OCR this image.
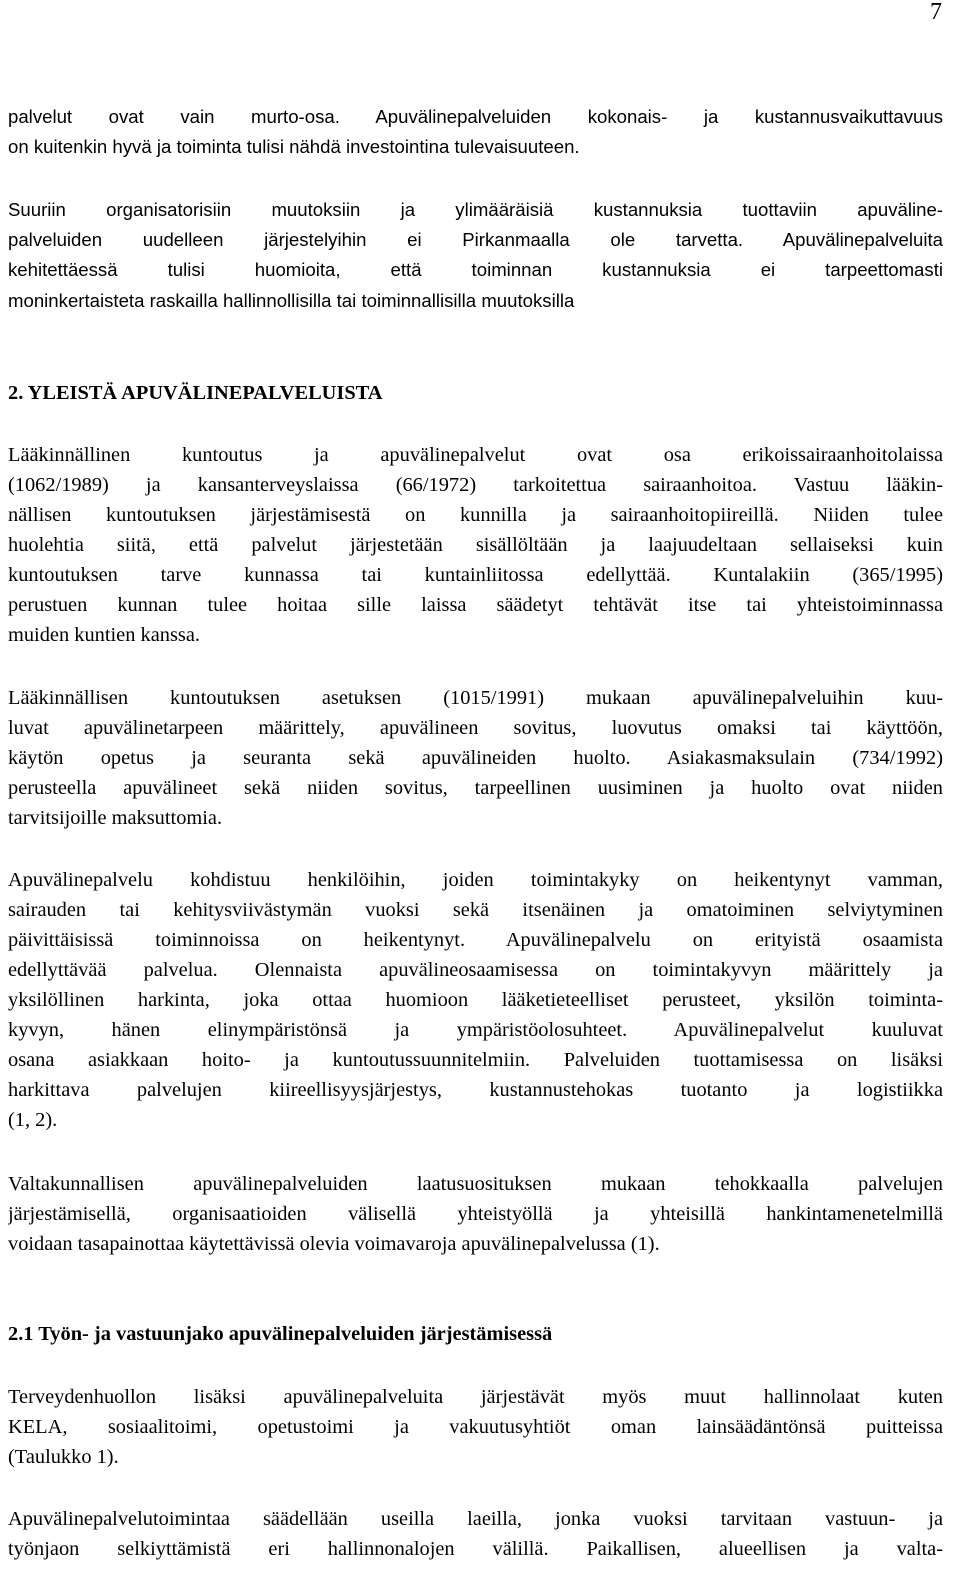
7
palvelut ovat vain murto-osa. Apuvälinepalveluiden kokonais- ja kustannusvaikuttavuus
on kuitenkin hyvä ja toiminta tulisi nähdä investointina tulevaisuuteen.
Suuriin organisatorisiin muutoksiin ja ylimääräisiä kustannuksia tuottaviin apuväline-
palveluiden uudelleen järjestelyihin ei Pirkanmaalla ole tarvetta. Apuvälinepalveluita
kehitettäessä tulisi huomioita, että toiminnan kustannuksia ei tarpeettomasti
moninkertaisteta raskailla hallinnollisilla tai toiminnallisilla muutoksilla
2. YLEISTÄ APUVÄLINEPALVELUISTA
Lääkinnällinen kuntoutus ja apuvälinepalvelut ovat osa erikoissairaanhoitolaissa
(1062/1989) ja kansanterveyslaissa (66/1972) tarkoitettua sairaanhoitoa. Vastuu lääkin-
nällisen kuntoutuksen järjestämisestä on kunnilla ja sairaanhoitopiireillä. Niiden tulee
huolehtia siitä, että palvelut järjestetään sisällöltään ja laajuudeltaan sellaiseksi kuin
kuntoutuksen tarve kunnassa tai kuntainliitossa edellyttää. Kuntalakiin (365/1995)
perustuen kunnan tulee hoitaa sille laissa säädetyt tehtävät itse tai yhteistoiminnassa
muiden kuntien kanssa.
Lääkinnällisen kuntoutuksen asetuksen (1015/1991) mukaan apuvälinepalveluihin kuu-
luvat apuvälinetarpeen määrittely, apuvälineen sovitus, luovutus omaksi tai käyttöön,
käytön opetus ja seuranta sekä apuvälineiden huolto. Asiakasmaksulain (734/1992)
perusteella apuvälineet sekä niiden sovitus, tarpeellinen uusiminen ja huolto ovat niiden
tarvitsijoille maksuttomia.
Apuvälinepalvelu kohdistuu henkilöihin, joiden toimintakyky on heikentynyt vamman,
sairauden tai kehitysviivästymän vuoksi sekä itsenäinen ja omatoiminen selviytyminen
päivittäisissä toiminnoissa on heikentynyt. Apuvälinepalvelu on erityistä osaamista
edellyttävää palvelua. Olennaista apuvälineosaamisessa on toimintakyvyn määrittely ja
yksilöllinen harkinta, joka ottaa huomioon lääketieteelliset perusteet, yksilön toiminta-
kyvyn, hänen elinympäristönsä ja ympäristöolosuhteet. Apuvälinepalvelut kuuluvat
osana asiakkaan hoito- ja kuntoutussuunnitelmiin. Palveluiden tuottamisessa on lisäksi
harkittava palvelujen kiireellisyysjärjestys, kustannustehokas tuotanto ja logistiikka
(1, 2).
Valtakunnallisen apuvälinepalveluiden laatusuosituksen mukaan tehokkaalla palvelujen
järjestämisellä, organisaatioiden välisellä yhteistyöllä ja yhteisillä hankintamenetelmillä
voidaan tasapainottaa käytettävissä olevia voimavaroja apuvälinepalvelussa (1).
2.1 Työn- ja vastuunjako apuvälinepalveluiden järjestämisessä
Terveydenhuollon lisäksi apuvälinepalveluita järjestävät myös muut hallinnolaat kuten
KELA, sosiaalitoimi, opetustoimi ja vakuutusyhtiöt oman lainsäädäntönsä puitteissa
(Taulukko 1).
Apuvälinepalvelutoimintaa säädellään useilla laeilla, jonka vuoksi tarvitaan vastuun- ja
työnjaon selkiyttämistä eri hallinnonalojen välillä. Paikallisen, alueellisen ja valta-
